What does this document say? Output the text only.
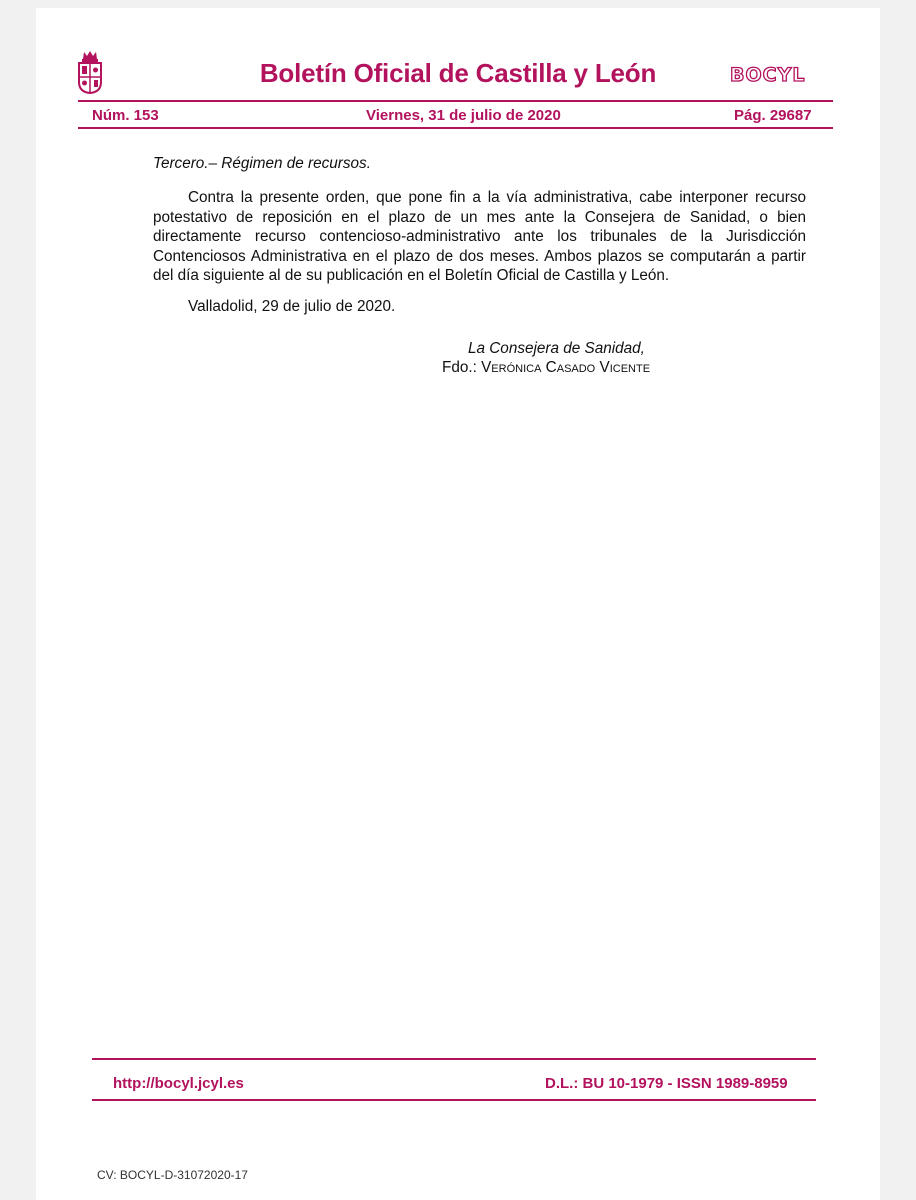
Boletín Oficial de Castilla y León	BOCYL
Núm. 153	Viernes, 31 de julio de 2020	Pág. 29687
Tercero.– Régimen de recursos.
Contra la presente orden, que pone fin a la vía administrativa, cabe interponer recurso potestativo de reposición en el plazo de un mes ante la Consejera de Sanidad, o bien directamente recurso contencioso-administrativo ante los tribunales de la Jurisdicción Contenciosos Administrativa en el plazo de dos meses. Ambos plazos se computarán a partir del día siguiente al de su publicación en el Boletín Oficial de Castilla y León.
Valladolid, 29 de julio de 2020.
La Consejera de Sanidad,
Fdo.: Verónica Casado Vicente
http://bocyl.jcyl.es	D.L.: BU 10-1979 - ISSN 1989-8959
CV: BOCYL-D-31072020-17
